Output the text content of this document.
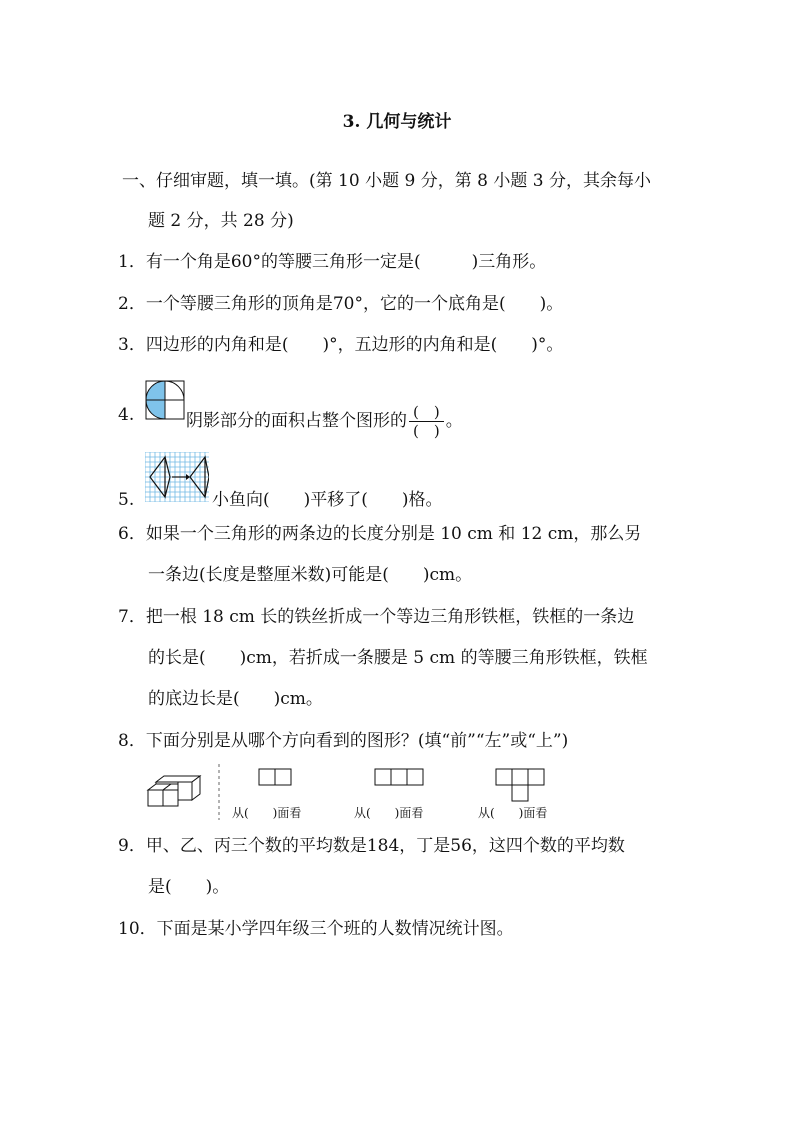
3. 几何与统计
一、仔细审题，填一填。(第 10 小题 9 分，第 8 小题 3 分，其余每小
题 2 分，共 28 分)
1．有一个角是60°的等腰三角形一定是(　　　)三角形。
2．一个等腰三角形的顶角是70°，它的一个底角是(　　)。
3．四边形的内角和是(　　)°，五边形的内角和是(　　)°。
4.	阴影部分的面积占整个图形的 $\frac{( )}{( )}$ 。
5.	小鱼向(　　)平移了(　　)格。
6．如果一个三角形的两条边的长度分别是 10 cm 和 12 cm，那么另
一条边(长度是整厘米数)可能是(　　)cm。
7．把一根 18 cm 长的铁丝折成一个等边三角形铁框，铁框的一条边
的长是(　　)cm，若折成一条腰是 5 cm 的等腰三角形铁框，铁框
的底边长是(　　)cm。
8．下面分别是从哪个方向看到的图形？(填“前”“左”或“上”)
从(　　)面看	从(　　)面看	从(　　)面看
9．甲、乙、丙三个数的平均数是184，丁是56，这四个数的平均数
是(　　)。
10．下面是某小学四年级三个班的人数情况统计图。
